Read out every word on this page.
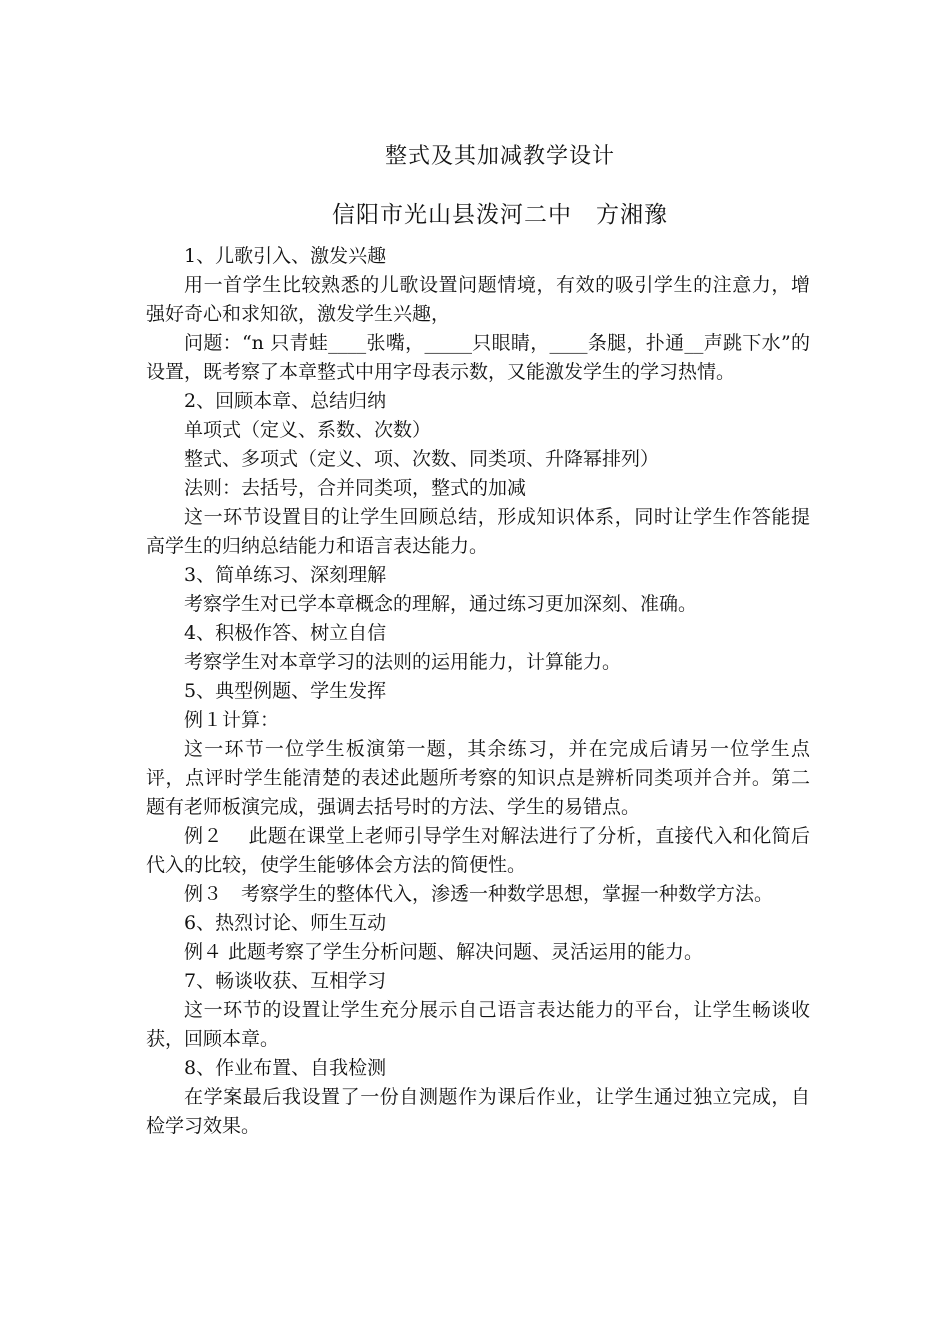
整式及其加减教学设计
信阳市光山县泼河二中　方湘豫

1、儿歌引入、激发兴趣

用一首学生比较熟悉的儿歌设置问题情境，有效的吸引学生的注意力，增强好奇心和求知欲，激发学生兴趣，

问题：“n 只青蛙____张嘴，_____只眼睛，____条腿，扑通__声跳下水”的设置，既考察了本章整式中用字母表示数，又能激发学生的学习热情。

2、回顾本章、总结归纳

单项式（定义、系数、次数）

整式、多项式（定义、项、次数、同类项、升降幂排列）

法则：去括号，合并同类项，整式的加减

这一环节设置目的让学生回顾总结，形成知识体系，同时让学生作答能提高学生的归纳总结能力和语言表达能力。

3、简单练习、深刻理解

考察学生对已学本章概念的理解，通过练习更加深刻、准确。

4、积极作答、树立自信

考察学生对本章学习的法则的运用能力，计算能力。

5、典型例题、学生发挥

例１计算：

这一环节一位学生板演第一题，其余练习，并在完成后请另一位学生点评，点评时学生能清楚的表述此题所考察的知识点是辨析同类项并合并。第二题有老师板演完成，强调去括号时的方法、学生的易错点。

例２　 此题在课堂上老师引导学生对解法进行了分析，直接代入和化简后代入的比较，使学生能够体会方法的简便性。

例３　考察学生的整体代入，渗透一种数学思想，掌握一种数学方法。

6、热烈讨论、师生互动

例４ 此题考察了学生分析问题、解决问题、灵活运用的能力。

7、畅谈收获、互相学习

这一环节的设置让学生充分展示自己语言表达能力的平台，让学生畅谈收获，回顾本章。

8、作业布置、自我检测

在学案最后我设置了一份自测题作为课后作业，让学生通过独立完成，自检学习效果。
